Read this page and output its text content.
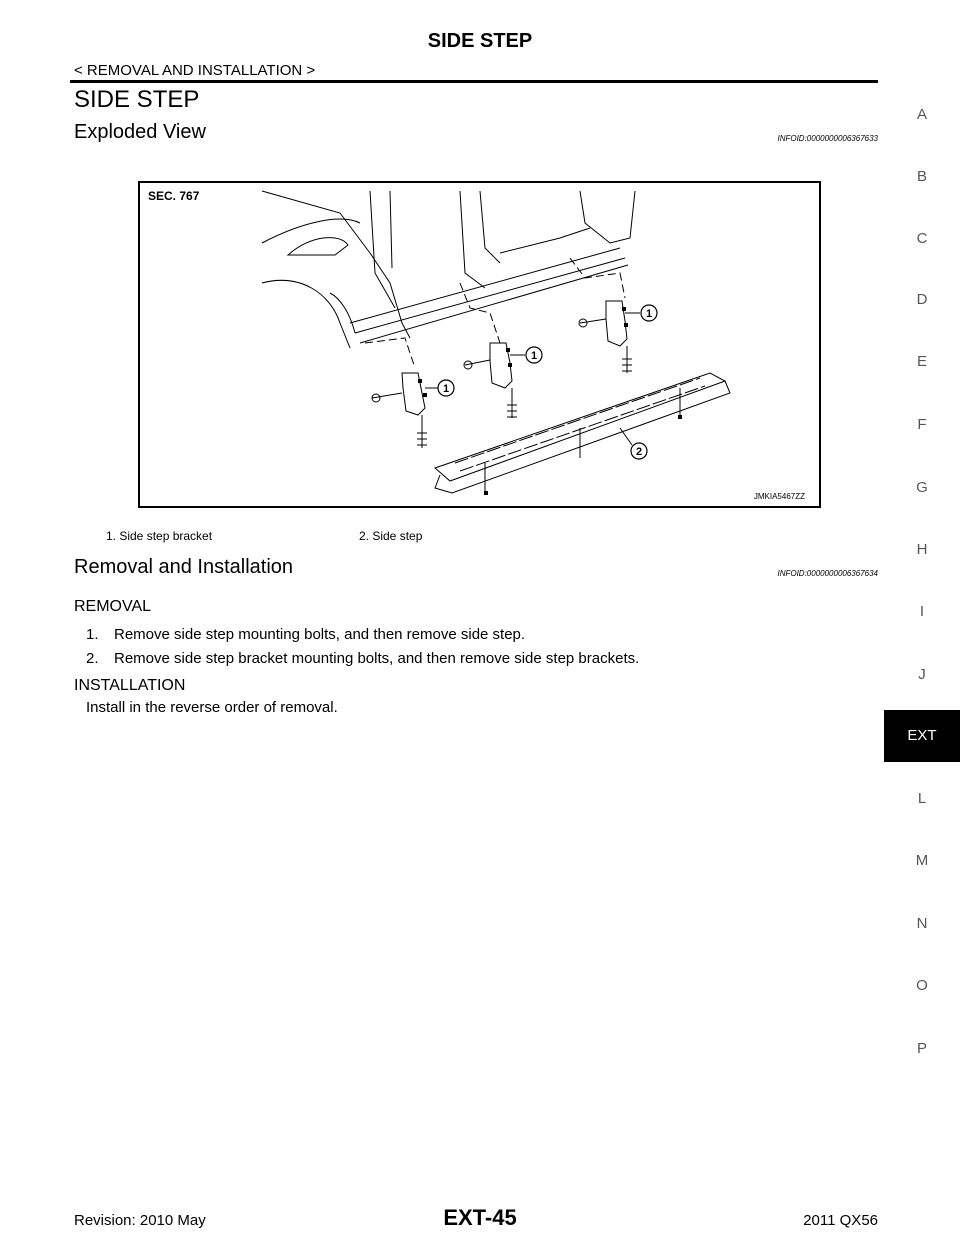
SIDE STEP
< REMOVAL AND INSTALLATION >
SIDE STEP
Exploded View	INFOID:0000000006367633
SEC. 767
1
1
1
2
JMKIA5467ZZ
1. Side step bracket	2. Side step
Removal and Installation	INFOID:0000000006367634
REMOVAL
1. Remove side step mounting bolts, and then remove side step.
2. Remove side step bracket mounting bolts, and then remove side step brackets.
INSTALLATION
Install in the reverse order of removal.
A
B
C
D
E
F
G
H
I
J
EXT
L
M
N
O
P
Revision: 2010 May	EXT-45	2011 QX56
